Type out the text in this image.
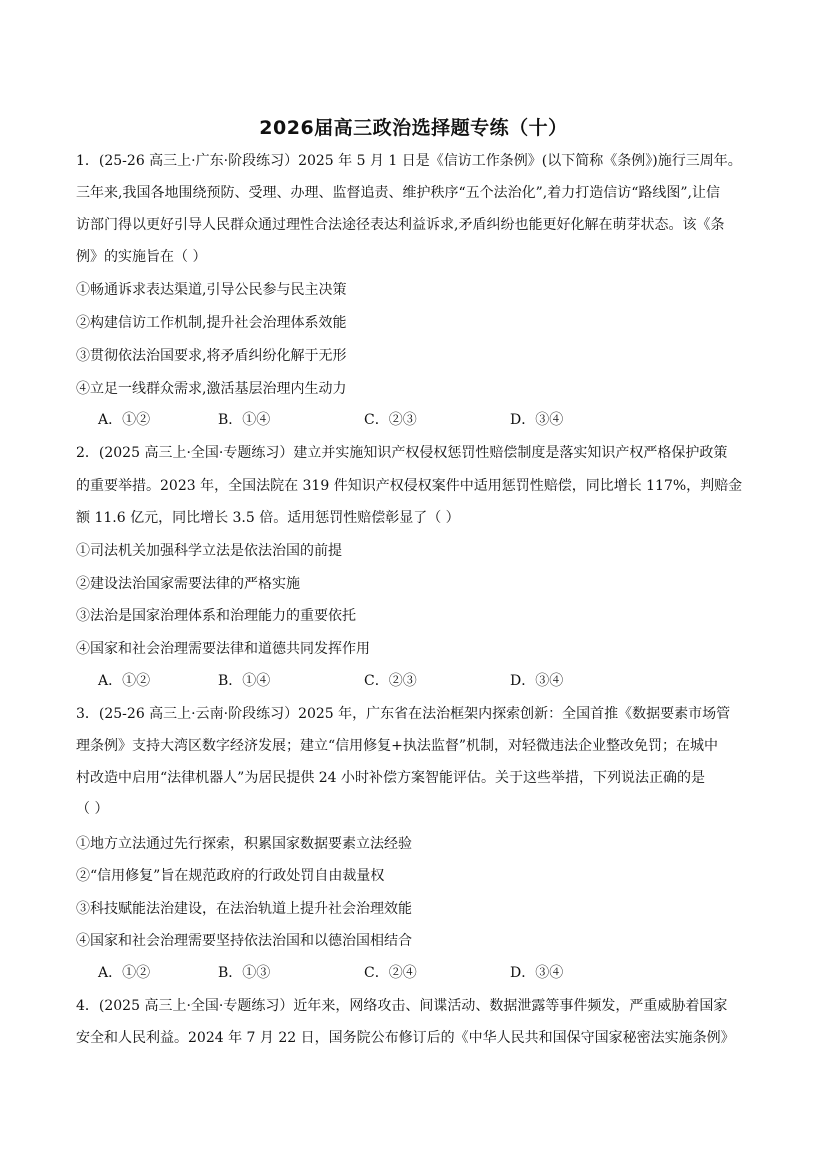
2026届高三政治选择题专练（十）
1．(25-26 高三上·广东·阶段练习）2025 年 5 月 1 日是《信访工作条例》(以下简称《条例》)施行三周年。
三年来,我国各地围绕预防、受理、办理、监督追责、维护秩序“五个法治化”,着力打造信访“路线图”,让信
访部门得以更好引导人民群众通过理性合法途径表达利益诉求,矛盾纠纷也能更好化解在萌芽状态。该《条
例》的实施旨在（ ）
①畅通诉求表达渠道,引导公民参与民主决策
②构建信访工作机制,提升社会治理体系效能
③贯彻依法治国要求,将矛盾纠纷化解于无形
④立足一线群众需求,激活基层治理内生动力
A．①②	B．①④	C．②③	D．③④
2．(2025 高三上·全国·专题练习）建立并实施知识产权侵权惩罚性赔偿制度是落实知识产权严格保护政策
的重要举措。2023 年，全国法院在 319 件知识产权侵权案件中适用惩罚性赔偿，同比增长 117%，判赔金
额 11.6 亿元，同比增长 3.5 倍。适用惩罚性赔偿彰显了（ ）
①司法机关加强科学立法是依法治国的前提
②建设法治国家需要法律的严格实施
③法治是国家治理体系和治理能力的重要依托
④国家和社会治理需要法律和道德共同发挥作用
A．①②	B．①④	C．②③	D．③④
3．(25-26 高三上·云南·阶段练习）2025 年，广东省在法治框架内探索创新：全国首推《数据要素市场管
理条例》支持大湾区数字经济发展；建立“信用修复+执法监督”机制，对轻微违法企业整改免罚；在城中
村改造中启用“法律机器人”为居民提供 24 小时补偿方案智能评估。关于这些举措，下列说法正确的是
（ ）
①地方立法通过先行探索，积累国家数据要素立法经验
②“信用修复”旨在规范政府的行政处罚自由裁量权
③科技赋能法治建设，在法治轨道上提升社会治理效能
④国家和社会治理需要坚持依法治国和以德治国相结合
A．①②	B．①③	C．②④	D．③④
4．(2025 高三上·全国·专题练习）近年来，网络攻击、间谍活动、数据泄露等事件频发，严重威胁着国家
安全和人民利益。2024 年 7 月 22 日，国务院公布修订后的《中华人民共和国保守国家秘密法实施条例》
